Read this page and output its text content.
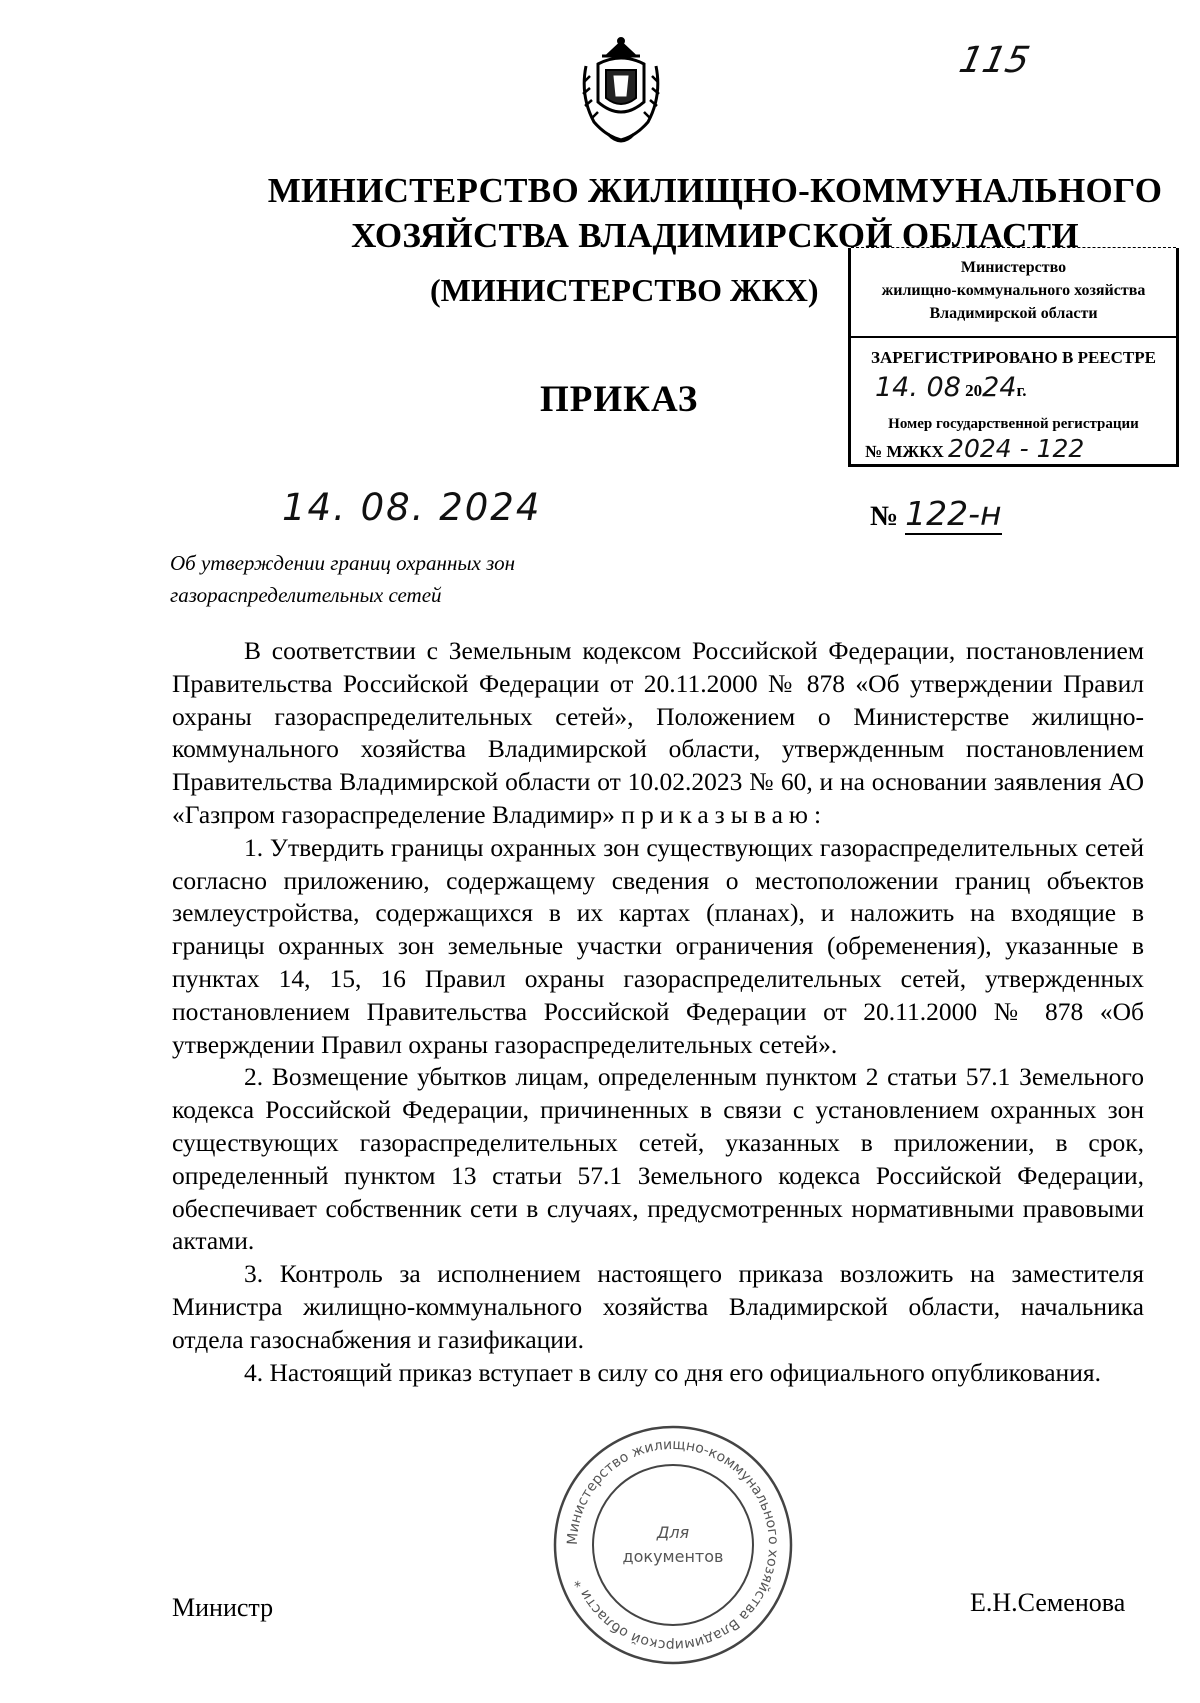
115
МИНИСТЕРСТВО ЖИЛИЩНО-КОММУНАЛЬНОГО
ХОЗЯЙСТВА ВЛАДИМИРСКОЙ ОБЛАСТИ
(МИНИСТЕРСТВО ЖКХ)
ПРИКАЗ
Министерство
жилищно-коммунального хозяйства
Владимирской области
ЗАРЕГИСТРИРОВАНО В РЕЕСТРЕ
14. 08 2024г.
Номер государственной регистрации
№ МЖКХ 2024 - 122
14. 08. 2024	№ 122-н
Об утверждении границ охранных зон
газораспределительных сетей

В соответствии с Земельным кодексом Российской Федерации, постановлением Правительства Российской Федерации от 20.11.2000 № 878 «Об утверждении Правил охраны газораспределительных сетей», Положением о Министерстве жилищно-коммунального хозяйства Владимирской области, утвержденным постановлением Правительства Владимирской области от 10.02.2023 № 60, и на основании заявления АО «Газпром газораспределение Владимир» приказываю:

1. Утвердить границы охранных зон существующих газораспределительных сетей согласно приложению, содержащему сведения о местоположении границ объектов землеустройства, содержащихся в их картах (планах), и наложить на входящие в границы охранных зон земельные участки ограничения (обременения), указанные в пунктах 14, 15, 16 Правил охраны газораспределительных сетей, утвержденных постановлением Правительства Российской Федерации от 20.11.2000 № 878 «Об утверждении Правил охраны газораспределительных сетей».

2. Возмещение убытков лицам, определенным пунктом 2 статьи 57.1 Земельного кодекса Российской Федерации, причиненных в связи с установлением охранных зон существующих газораспределительных сетей, указанных в приложении, в срок, определенный пунктом 13 статьи 57.1 Земельного кодекса Российской Федерации, обеспечивает собственник сети в случаях, предусмотренных нормативными правовыми актами.

3. Контроль за исполнением настоящего приказа возложить на заместителя Министра жилищно-коммунального хозяйства Владимирской области, начальника отдела газоснабжения и газификации.

4. Настоящий приказ вступает в силу со дня его официального опубликования.

Министерство жилищно-коммунального хозяйства Владимирской области *
Для
документов
Министр	Е.Н.Семенова
